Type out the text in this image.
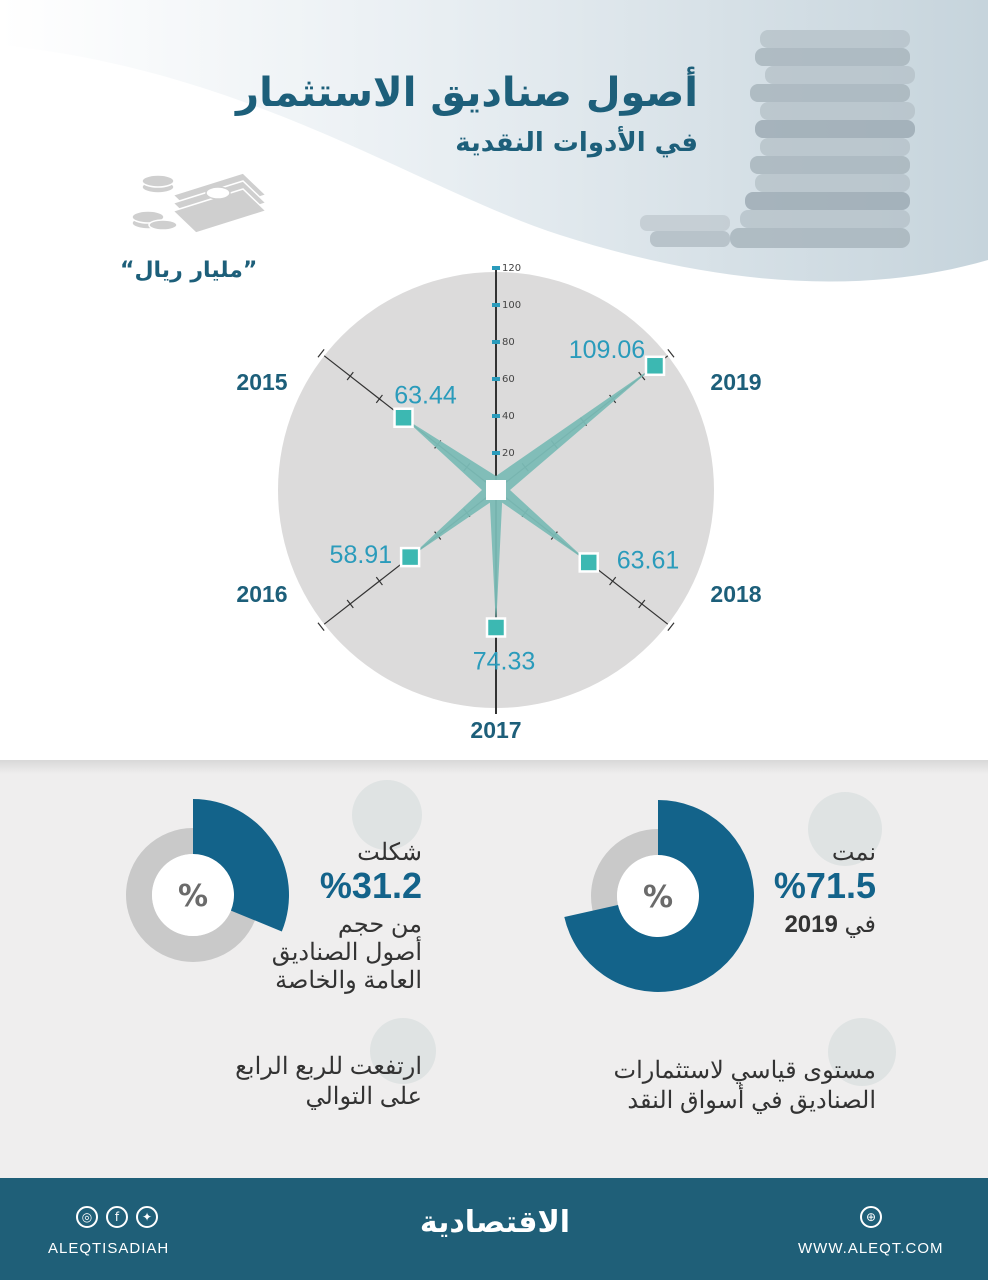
أصول صناديق الاستثمار
في الأدوات النقدية
”مليار ريال“
20
40
60
80
100
120
109.06
63.61
74.33
58.91
63.44	2019
2018
2017
2016
2015
%
شكلت
%31.2
من حجم
أصول الصناديق
العامة والخاصة
ارتفعت للربع الرابع
على التوالي
%
نمت
%71.5
في 2019
مستوى قياسي لاستثمارات
الصناديق في أسواق النقد
◎	f	✦
ALEQTISADIAH
⊕
WWW.ALEQT.COM
الاقتصادية
